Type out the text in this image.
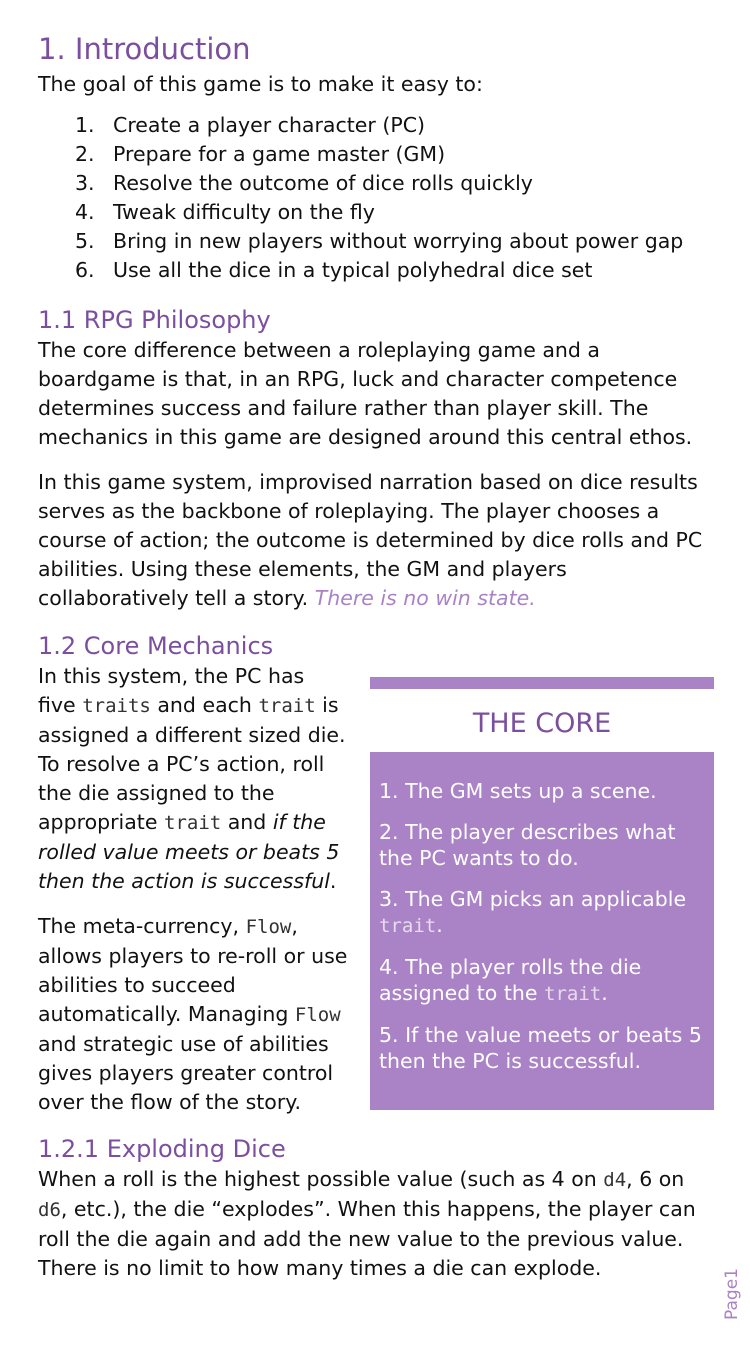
1. Introduction

The goal of this game is to make it easy to:

1. Create a player character (PC)
2. Prepare for a game master (GM)
3. Resolve the outcome of dice rolls quickly
4. Tweak difficulty on the fly
5. Bring in new players without worrying about power gap
6. Use all the dice in a typical polyhedral dice set
1.1 RPG Philosophy

The core difference between a roleplaying game and a boardgame is that, in an RPG, luck and character competence determines success and failure rather than player skill. The mechanics in this game are designed around this central ethos.

In this game system, improvised narration based on dice results serves as the backbone of roleplaying. The player chooses a course of action; the outcome is determined by dice rolls and PC abilities. Using these elements, the GM and players collaboratively tell a story. There is no win state.

1.2 Core Mechanics
THE CORE

1. The GM sets up a scene.

2. The player describes what the PC wants to do.

3. The GM picks an applicable trait.

4. The player rolls the die assigned to the trait.

5. If the value meets or beats 5 then the PC is successful.

In this system, the PC has five traits and each trait is assigned a different sized die. To resolve a PC’s action, roll the die assigned to the appropriate trait and if the rolled value meets or beats 5 then the action is successful.

The meta-currency, Flow, allows players to re-roll or use abilities to succeed automatically. Managing Flow and strategic use of abilities gives players greater control over the flow of the story.

1.2.1 Exploding Dice

When a roll is the highest possible value (such as 4 on d4, 6 on d6, etc.), the die “explodes”. When this happens, the player can roll the die again and add the new value to the previous value. There is no limit to how many times a die can explode.	Page1
